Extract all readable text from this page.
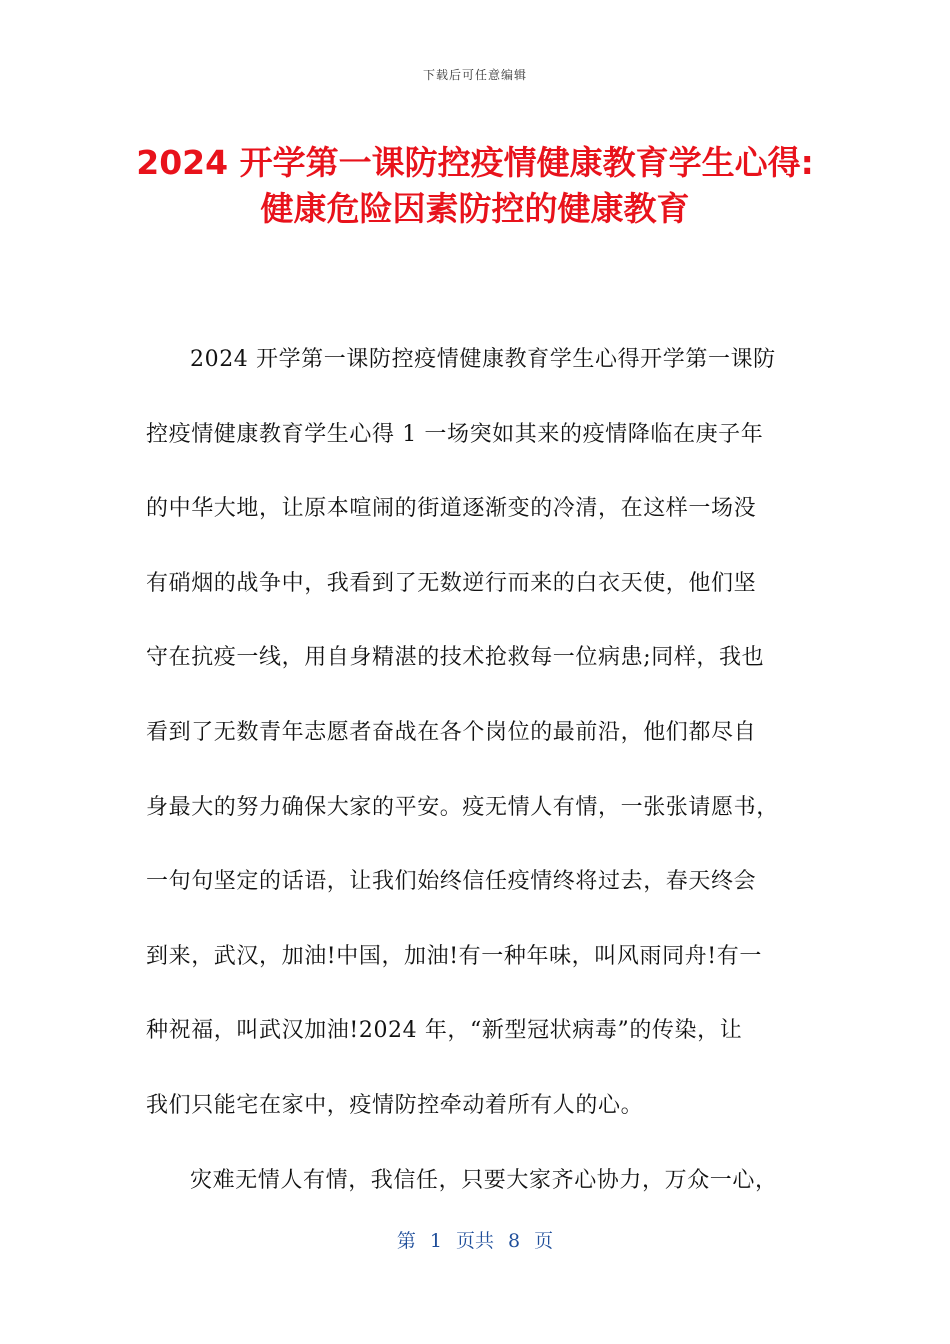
下载后可任意编辑
2024 开学第一课防控疫情健康教育学生心得:
健康危险因素防控的健康教育

2024 开学第一课防控疫情健康教育学生心得开学第一课防
控疫情健康教育学生心得 1 一场突如其来的疫情降临在庚子年
的中华大地，让原本喧闹的街道逐渐变的冷清，在这样一场没
有硝烟的战争中，我看到了无数逆行而来的白衣天使，他们坚
守在抗疫一线，用自身精湛的技术抢救每一位病患;同样，我也
看到了无数青年志愿者奋战在各个岗位的最前沿，他们都尽自
身最大的努力确保大家的平安。疫无情人有情，一张张请愿书，
一句句坚定的话语，让我们始终信任疫情终将过去，春天终会
到来，武汉，加油!中国，加油!有一种年味，叫风雨同舟!有一
种祝福，叫武汉加油!2024 年，“新型冠状病毒”的传染，让
我们只能宅在家中，疫情防控牵动着所有人的心。

灾难无情人有情，我信任，只要大家齐心协力，万众一心，

第 1 页共 8 页
